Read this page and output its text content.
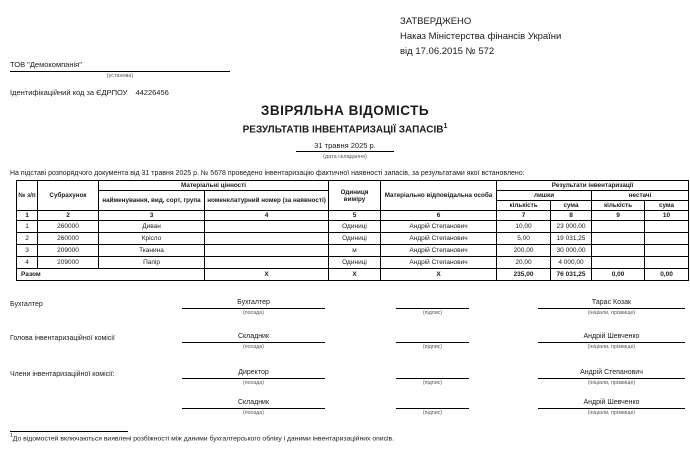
ЗАТВЕРДЖЕНО
Наказ Міністерства фінансів України
від 17.06.2015 № 572
ТОВ "Демокомпанія"
(установа)
Ідентифікаційний код за ЄДРПОУ 44226456
ЗВІРЯЛЬНА ВІДОМІСТЬ
РЕЗУЛЬТАТІВ ІНВЕНТАРИЗАЦІЇ ЗАПАСІВ$^1$
31 травня 2025 р.
(дата складання)
На підставі розпорядчого документа від 31 травня 2025 р. № 5678 проведено інвентаризацію фактичної наявності запасів, за результатами якої встановлено:
№ з/п	Субрахунок	Матеріальні цінності		Одиниця виміру	Матеріально відповідальна особа	Результати інвентаризації			
		найменування, вид, сорт, група	номенклатурний номер (за наявності)			лишки		нестачі	
						кількість	сума	кількість	сума
1	2	3	4	5	6	7	8	9	10
1	260000	Диван		Одиниці	Андрій Степанович	10,00	23 000,00		
2	260000	Крісло		Одиниці	Андрій Степанович	5,00	19 031,25		
3	209000	Тканина		м	Андрій Степанович	200,00	30 000,00		
4	209000	Папір		Одиниці	Андрій Степанович	20,00	4 000,00		
Разом			X	X	X	235,00	76 031,25	0,00	0,00
Бухгалтер	Бухгалтер
(посада)	(підпис)
Тарас Козак
(ініціали, прізвище)
Голова інвентаризаційної комісії	Складник
(посада)	(підпис)
Андрій Шевченко
(ініціали, прізвище)
Члени інвентаризаційної комісії:	Директор
(посада)	(підпис)
Андрій Степанович
(ініціали, прізвище)
Складник
(посада)	(підпис)
Андрій Шевченко
(ініціали, прізвище)
$^1$До відомостей включаються виявлені розбіжності між даними бухгалтерського обліку і даними інвентаризаційних описів.
